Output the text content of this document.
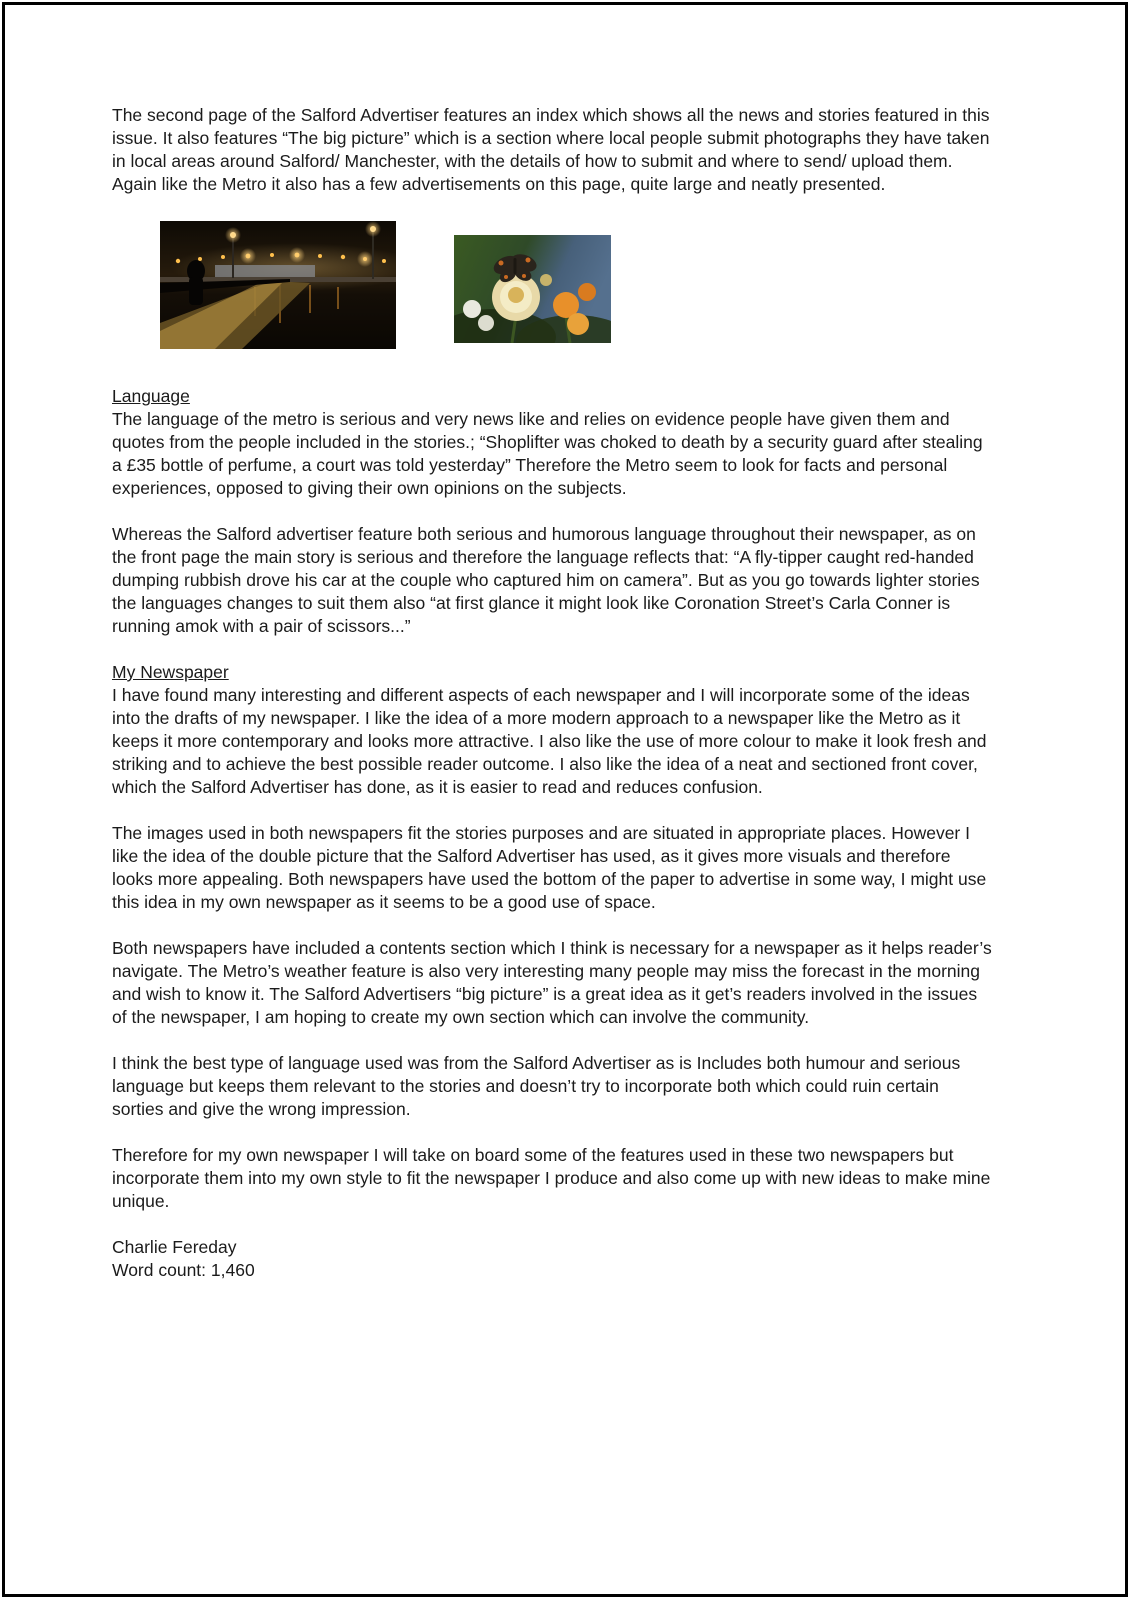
The second page of the Salford Advertiser features an index which shows all the news and stories featured in this issue. It also features “The big picture” which is a section where local people submit photographs they have taken in local areas around Salford/ Manchester, with the details of how to submit and where to send/ upload them. Again like the Metro it also has a few advertisements on this page, quite large and neatly presented.

Language

The language of the metro is serious and very news like and relies on evidence people have given them and quotes from the people included in the stories.; “Shoplifter was choked to death by a security guard after stealing a £35 bottle of perfume, a court was told yesterday” Therefore the Metro seem to look for facts and personal experiences, opposed to giving their own opinions on the subjects.

Whereas the Salford advertiser feature both serious and humorous language throughout their newspaper, as on the front page the main story is serious and therefore the language reflects that: “A fly-tipper caught red-handed dumping rubbish drove his car at the couple who captured him on camera”. But as you go towards lighter stories the languages changes to suit them also “at first glance it might look like Coronation Street’s Carla Conner is running amok with a pair of scissors...”

My Newspaper

I have found many interesting and different aspects of each newspaper and I will incorporate some of the ideas into the drafts of my newspaper. I like the idea of a more modern approach to a newspaper like the Metro as it keeps it more contemporary and looks more attractive. I also like the use of more colour to make it look fresh and striking and to achieve the best possible reader outcome. I also like the idea of a neat and sectioned front cover, which the Salford Advertiser has done, as it is easier to read and reduces confusion.

The images used in both newspapers fit the stories purposes and are situated in appropriate places. However I like the idea of the double picture that the Salford Advertiser has used, as it gives more visuals and therefore looks more appealing. Both newspapers have used the bottom of the paper to advertise in some way, I might use this idea in my own newspaper as it seems to be a good use of space.

Both newspapers have included a contents section which I think is necessary for a newspaper as it helps reader’s navigate. The Metro’s weather feature is also very interesting many people may miss the forecast in the morning and wish to know it. The Salford Advertisers “big picture” is a great idea as it get’s readers involved in the issues of the newspaper, I am hoping to create my own section which can involve the community.

I think the best type of language used was from the Salford Advertiser as is Includes both humour and serious language but keeps them relevant to the stories and doesn’t try to incorporate both which could ruin certain sorties and give the wrong impression.

Therefore for my own newspaper I will take on board some of the features used in these two newspapers but incorporate them into my own style to fit the newspaper I produce and also come up with new ideas to make mine unique.

Charlie Fereday

Word count: 1,460
